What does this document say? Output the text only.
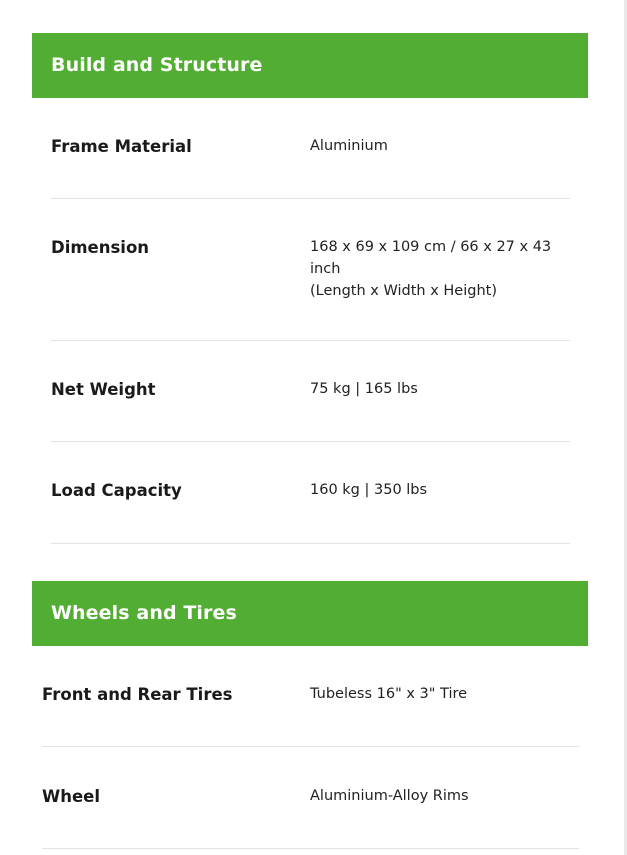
Build and Structure
Frame Material	Aluminium
Dimension	168 x 69 x 109 cm / 66 x 27 x 43
inch
(Length x Width x Height)
Net Weight	75 kg | 165 lbs
Load Capacity	160 kg | 350 lbs
Wheels and Tires
Front and Rear Tires	Tubeless 16" x 3" Tire
Wheel	Aluminium-Alloy Rims
